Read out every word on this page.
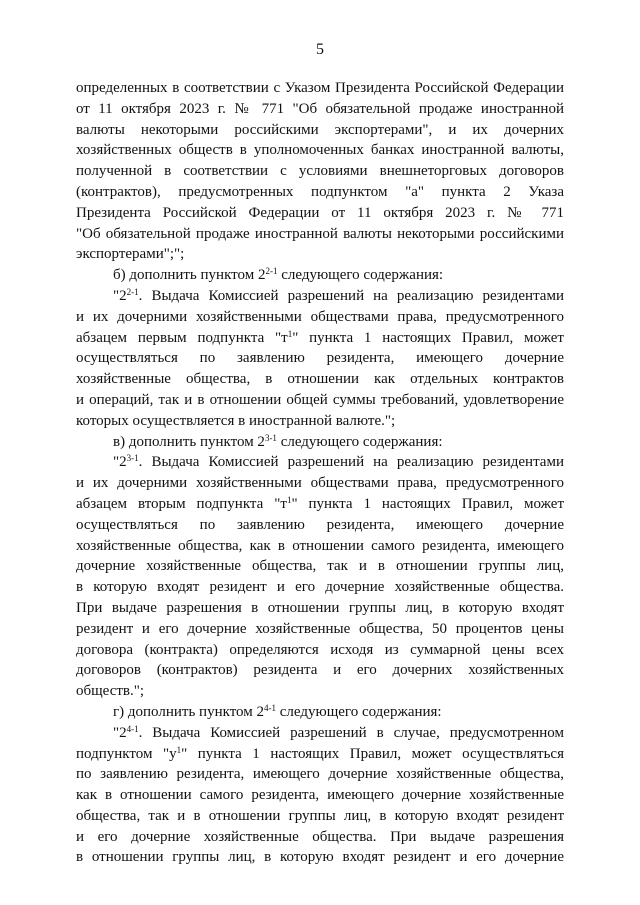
5
определенных в соответствии с Указом Президента Российской Федерации
от 11 октября 2023 г. № 771 "Об обязательной продаже иностранной
валюты некоторыми российскими экспортерами", и их дочерних
хозяйственных обществ в уполномоченных банках иностранной валюты,
полученной в соответствии с условиями внешнеторговых договоров
(контрактов), предусмотренных подпунктом "а" пункта 2 Указа
Президента Российской Федерации от 11 октября 2023 г. № 771
"Об обязательной продаже иностранной валюты некоторыми российскими
экспортерами";";
б) дополнить пунктом 2$^{2-1}$ следующего содержания:
"2$^{2-1}$. Выдача Комиссией разрешений на реализацию резидентами
и их дочерними хозяйственными обществами права, предусмотренного
абзацем первым подпункта "$т^1$" пункта 1 настоящих Правил, может
осуществляться по заявлению резидента, имеющего дочерние
хозяйственные общества, в отношении как отдельных контрактов
и операций, так и в отношении общей суммы требований, удовлетворение
которых осуществляется в иностранной валюте.";
в) дополнить пунктом 2$^{3-1}$ следующего содержания:
"2$^{3-1}$. Выдача Комиссией разрешений на реализацию резидентами
и их дочерними хозяйственными обществами права, предусмотренного
абзацем вторым подпункта "$т^1$" пункта 1 настоящих Правил, может
осуществляться по заявлению резидента, имеющего дочерние
хозяйственные общества, как в отношении самого резидента, имеющего
дочерние хозяйственные общества, так и в отношении группы лиц,
в которую входят резидент и его дочерние хозяйственные общества.
При выдаче разрешения в отношении группы лиц, в которую входят
резидент и его дочерние хозяйственные общества, 50 процентов цены
договора (контракта) определяются исходя из суммарной цены всех
договоров (контрактов) резидента и его дочерних хозяйственных
обществ.";
г) дополнить пунктом 2$^{4-1}$ следующего содержания:
"2$^{4-1}$. Выдача Комиссией разрешений в случае, предусмотренном
подпунктом "$у^1$" пункта 1 настоящих Правил, может осуществляться
по заявлению резидента, имеющего дочерние хозяйственные общества,
как в отношении самого резидента, имеющего дочерние хозяйственные
общества, так и в отношении группы лиц, в которую входят резидент
и его дочерние хозяйственные общества. При выдаче разрешения
в отношении группы лиц, в которую входят резидент и его дочерние
